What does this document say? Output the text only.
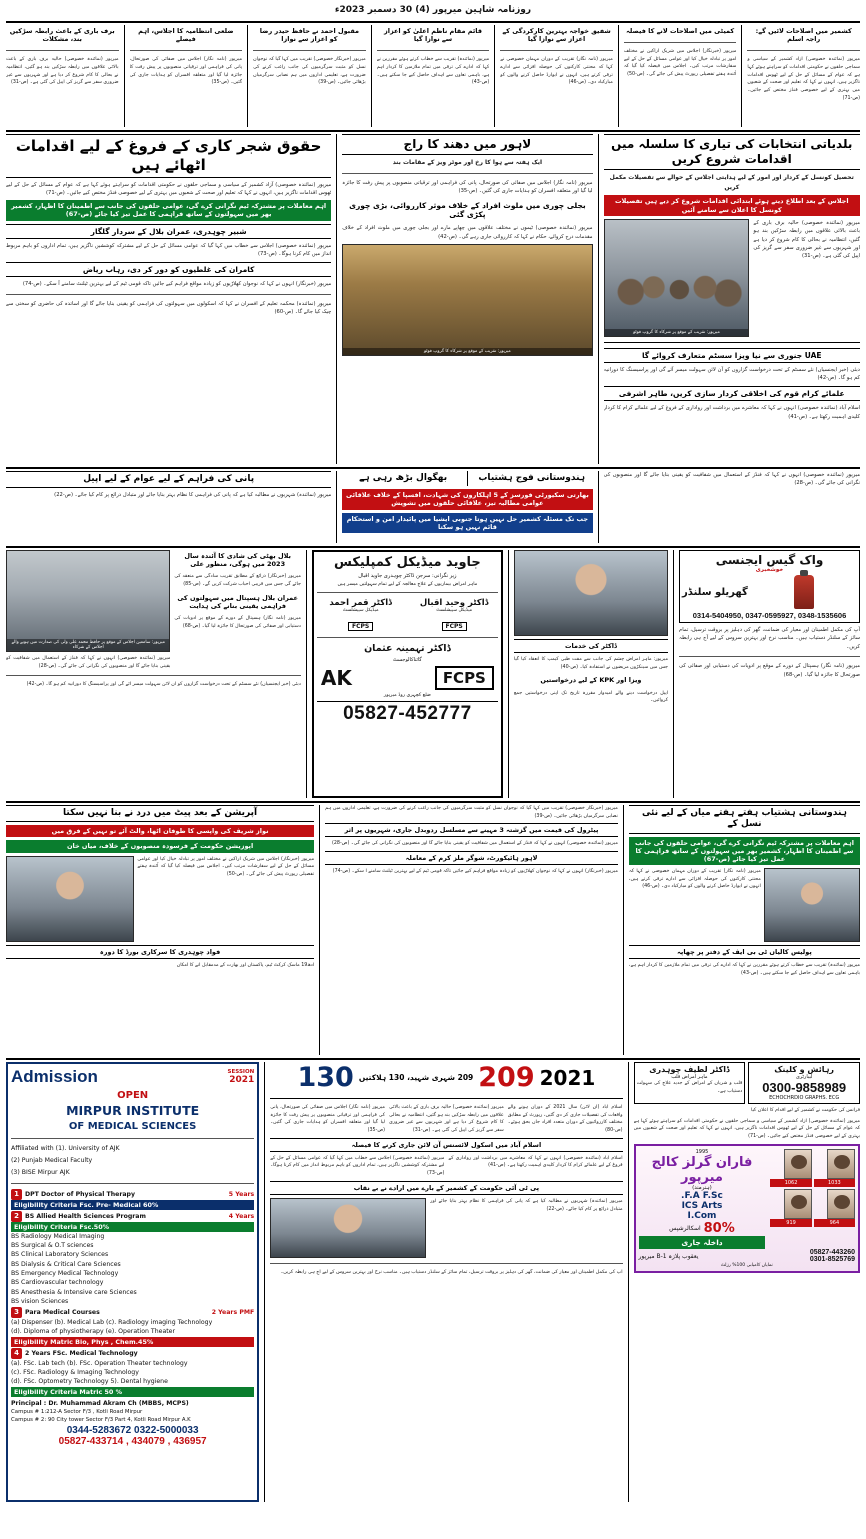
روزنامہ شاہین میرپور (4) 30 دسمبر 2023ء
کشمیر میں اصلاحات لائیں گے: راجہ اسلم
میرپور (نمائندہ خصوصی) آزاد کشمیر کے سیاسی و سماجی حلقوں نے حکومتی اقدامات کو سراہتے ہوئے کہا ہے کہ عوام کے مسائل کے حل کے لیے ٹھوس اقدامات ناگزیر ہیں، انہوں نے کہا کہ تعلیم اور صحت کے شعبوں میں بہتری کے لیے خصوصی فنڈز مختص کیے جائیں۔ (ص-71)
کمیٹی میں اصلاحات لانے کا فیصلہ
میرپور (خبرنگار) اجلاس میں شریک اراکین نے مختلف امور پر تبادلہ خیال کیا اور عوامی مسائل کے حل کے لیے سفارشات مرتب کیں۔ اجلاس میں فیصلہ کیا گیا کہ آئندہ ہفتے تفصیلی رپورٹ پیش کی جائے گی۔ (ص-50)
شفیق خواجہ بہترین کارکردگی کے اعزاز سے نوازا گیا
میرپور (نامہ نگار) تقریب کے دوران مہمان خصوصی نے کہا کہ محنتی کارکنوں کی حوصلہ افزائی سے ادارے ترقی کرتے ہیں، انہوں نے ایوارڈ حاصل کرنے والوں کو مبارکباد دی۔ (ص-46)
قائم مقام ناظم اعلیٰ کو اعزاز سے نوازا گیا
میرپور (نمائندہ) تقریب سے خطاب کرتے ہوئے مقررین نے کہا کہ ادارے کی ترقی میں تمام ملازمین کا کردار اہم ہے، باہمی تعاون سے اہداف حاصل کیے جا سکتے ہیں۔ (ص-43)
مقبول احمد نے حافظ حیدر رضا کو اعزاز سے نوازا
میرپور (خبرنگار خصوصی) تقریب میں کہا گیا کہ نوجوان نسل کو مثبت سرگرمیوں کی جانب راغب کرنے کی ضرورت ہے، تعلیمی اداروں میں ہم نصابی سرگرمیاں بڑھائی جائیں۔ (ص-39)
ضلعی انتظامیہ کا اجلاس، اہم فیصلے
میرپور (نامہ نگار) اجلاس میں صفائی کی صورتحال، پانی کی فراہمی اور ترقیاتی منصوبوں پر پیش رفت کا جائزہ لیا گیا اور متعلقہ افسران کو ہدایات جاری کی گئیں۔ (ص-35)
برف باری کے باعث رابطہ سڑکیں بند، مشکلات
میرپور (نمائندہ خصوصی) حالیہ برف باری کے باعث بالائی علاقوں میں رابطہ سڑکیں بند ہو گئیں، انتظامیہ نے بحالی کا کام شروع کر دیا ہے اور شہریوں سے غیر ضروری سفر سے گریز کی اپیل کی گئی ہے۔ (ص-31)
بلدیاتی انتخابات کی تیاری کا سلسلہ میں اقدامات شروع کریں
تحصیل کونسل کے کردار اور امور کے لیے ہدایتی اجلاس کے حوالے سے تفصیلات مکمل کریں
اجلاس کے بعد اطلاع دیتے ہوئے ابتدائی اقدامات شروع کر دیے ہیں تفصیلات کونسل کا اعلان سے سامنے آئیں
میرپور (نمائندہ خصوصی) حالیہ برف باری کے باعث بالائی علاقوں میں رابطہ سڑکیں بند ہو گئیں، انتظامیہ نے بحالی کا کام شروع کر دیا ہے اور شہریوں سے غیر ضروری سفر سے گریز کی اپیل کی گئی ہے۔ (ص-31)
میرپور: تقریب کے موقع پر شرکاء کا گروپ فوٹو
UAE جنوری سے نیا ویزا سسٹم متعارف کروائے گا
دبئی (خبر ایجنسیاں) نئے سسٹم کے تحت درخواست گزاروں کو آن لائن سہولت میسر آئے گی اور پراسیسنگ کا دورانیہ کم ہو گا۔ (ص-42)
علمائے کرام قوم کی اخلاقی کردار سازی کریں، طاہر اشرفی
اسلام آباد (نمائندہ خصوصی) انہوں نے کہا کہ معاشرے میں برداشت اور رواداری کے فروغ کے لیے علمائے کرام کا کردار کلیدی اہمیت رکھتا ہے۔ (ص-41)
لاہور میں دھند کا راج
ایک ہفتہ سے ہوا کا رخ اور موٹر ویز کے مقامات بند
میرپور (نامہ نگار) اجلاس میں صفائی کی صورتحال، پانی کی فراہمی اور ترقیاتی منصوبوں پر پیش رفت کا جائزہ لیا گیا اور متعلقہ افسران کو ہدایات جاری کی گئیں۔ (ص-35)
بجلی چوری میں ملوث افراد کے خلاف موثر کارروائی، بڑی چوری پکڑی گئی
میرپور (نمائندہ خصوصی) ٹیموں نے مختلف علاقوں میں چھاپے مارے اور بجلی چوری میں ملوث افراد کے خلاف مقدمات درج کروائے، حکام نے کہا کہ کارروائی جاری رہے گی۔ (ص-42)
میرپور: تقریب کے موقع پر شرکاء کا گروپ فوٹو
حقوق شجر کاری کے فروغ کے لیے اقدامات اٹھائے ہیں
میرپور (نمائندہ خصوصی) آزاد کشمیر کے سیاسی و سماجی حلقوں نے حکومتی اقدامات کو سراہتے ہوئے کہا ہے کہ عوام کے مسائل کے حل کے لیے ٹھوس اقدامات ناگزیر ہیں، انہوں نے کہا کہ تعلیم اور صحت کے شعبوں میں بہتری کے لیے خصوصی فنڈز مختص کیے جائیں۔ (ص-71)
اہم معاملات پر مشترکہ ٹیم نگرانی کرے گی، عوامی حلقوں کی جانب سے اطمینان کا اظہار، کشمیر بھر میں سہولتوں کے ساتھ فراہمی کا عمل تیز کیا جائے (ص-67)
شبیر چوہدری، عمران بلال کے سردار گلگار
میرپور (نمائندہ خصوصی) اجلاس سے خطاب میں کہا گیا کہ عوامی مسائل کے حل کے لیے مشترکہ کوششیں ناگزیر ہیں، تمام اداروں کو باہم مربوط انداز میں کام کرنا ہوگا۔ (ص-73)
کامران کی غلطیوں کو دور کر دی، رہاب ریاض
میرپور (خبرنگار) انہوں نے کہا کہ نوجوان کھلاڑیوں کو زیادہ مواقع فراہم کیے جائیں تاکہ قومی ٹیم کے لیے بہترین ٹیلنٹ سامنے آ سکے۔ (ص-74)
میرپور (نمائندہ) محکمہ تعلیم کے افسران نے کہا کہ اسکولوں میں سہولتوں کی فراہمی کو یقینی بنایا جائے گا اور اساتذہ کی حاضری کو سختی سے چیک کیا جائے گا۔ (ص-60)
میرپور (نمائندہ خصوصی) انہوں نے کہا کہ فنڈز کے استعمال میں شفافیت کو یقینی بنایا جائے گا اور منصوبوں کی نگرانی کی جائے گی۔ (ص-28)
ہندوستانی فوج ہشتیاب
بھگوال بڑھ رہی ہے
بھارتی سکیورٹی فورسز کے 5 اہلکاروں کی شہادت، افسپا کے خلاف علاقائی عوامی مطالبہ تیز، علاقائی حلقوں میں تشویش
جب تک مسئلہ کشمیر حل نہیں ہوتا جنوبی ایشیا میں پائیدار امن و استحکام قائم نہیں ہو سکتا
پانی کی فراہم کے لیے عوام کے لیے اپیل
میرپور (نمائندہ) شہریوں نے مطالبہ کیا ہے کہ پانی کی فراہمی کا نظام بہتر بنایا جائے اور متبادل ذرائع پر کام کیا جائے۔ (ص-22)
واک گیس ایجنسی
خوشخبری
گھریلو سلنڈر
0314-5404950, 0347-0595927, 0348-1535606
آپ کی مکمل اطمینان اور معیار کی ضمانت، گھر کی دہلیز پر بروقت ترسیل، تمام سائز کے سلنڈر دستیاب ہیں۔ مناسب نرخ اور بہترین سروس کے لیے آج ہی رابطہ کریں۔
میرپور (نامہ نگار) ہسپتال کے دورے کے موقع پر ادویات کی دستیابی اور صفائی کی صورتحال کا جائزہ لیا گیا۔ (ص-68)
ڈاکٹر کی خدمات
میرپور: ماہر امراض چشم کی جانب سے مفت طبی کیمپ کا انعقاد کیا گیا جس میں سینکڑوں مریضوں نے استفادہ کیا۔ (ص-40)
ویزا اور KPK کے لیے درخواستیں
اپیل درخواست دینے والے امیدوار مقررہ تاریخ تک اپنی درخواستیں جمع کروائیں۔
جاوید میڈیکل کمپلیکس
زیر نگرانی: سرجن ڈاکٹر چوہدری جاوید اقبال
ماہر امراض بیماریوں کے علاج معالجہ کے لیے تمام سہولتیں میسر ہیں
ڈاکٹر وحید اقبال
میڈیکل سپیشلسٹ
FCPS
ڈاکٹر قمر احمد
میڈیکل سپیشلسٹ
FCPS
ڈاکٹر تہمینہ عثمان
گائناکالوجسٹ
FCPS
AK
ضلع کچہری روڈ میرپور
05827-452777
بلال بھٹی کی شادی کا آئندہ سال 2023 میں ہوگی، منظور علی
میرپور (خبرنگار) ذرائع کے مطابق تقریب سادگی سے منعقد کی جائے گی جس میں قریبی احباب شرکت کریں گے۔ (ص-85)
عمران بلال ہسپتال میں سہولتوں کی فراہمی یقینی بنانے کی ہدایت
میرپور (نامہ نگار) ہسپتال کے دورے کے موقع پر ادویات کی دستیابی اور صفائی کی صورتحال کا جائزہ لیا گیا۔ (ص-68)
میرپور: سامعین اجلاس کے موقع پر حافظ محمد علی ولی کی صدارت میں ہونے والے اجلاس کے شرکاء
میرپور (نمائندہ خصوصی) انہوں نے کہا کہ فنڈز کے استعمال میں شفافیت کو یقینی بنایا جائے گا اور منصوبوں کی نگرانی کی جائے گی۔ (ص-28)
دبئی (خبر ایجنسیاں) نئے سسٹم کے تحت درخواست گزاروں کو آن لائن سہولت میسر آئے گی اور پراسیسنگ کا دورانیہ کم ہو گا۔ (ص-42)
ہندوستانی ہشتیاب ہفتے ہفتے میاں کے لیے نئی نسل کے
اہم معاملات پر مشترکہ ٹیم نگرانی کرے گی، عوامی حلقوں کی جانب سے اطمینان کا اظہار، کشمیر بھر میں سہولتوں کے ساتھ فراہمی کا عمل تیز کیا جائے (ص-67)
میرپور (نامہ نگار) تقریب کے دوران مہمان خصوصی نے کہا کہ محنتی کارکنوں کی حوصلہ افزائی سے ادارے ترقی کرتے ہیں، انہوں نے ایوارڈ حاصل کرنے والوں کو مبارکباد دی۔ (ص-46)
پولیس کالیاں ٹی بی ایف کے دفتر پر چھاپہ
میرپور (نمائندہ) تقریب سے خطاب کرتے ہوئے مقررین نے کہا کہ ادارے کی ترقی میں تمام ملازمین کا کردار اہم ہے، باہمی تعاون سے اہداف حاصل کیے جا سکتے ہیں۔ (ص-43)
میرپور (خبرنگار خصوصی) تقریب میں کہا گیا کہ نوجوان نسل کو مثبت سرگرمیوں کی جانب راغب کرنے کی ضرورت ہے، تعلیمی اداروں میں ہم نصابی سرگرمیاں بڑھائی جائیں۔ (ص-39)
پیٹرول کی قیمت میں گزشتہ 3 مہینے سے مسلسل ردوبدل جاری، شہریوں پر اثر
میرپور (نمائندہ خصوصی) انہوں نے کہا کہ فنڈز کے استعمال میں شفافیت کو یقینی بنایا جائے گا اور منصوبوں کی نگرانی کی جائے گی۔ (ص-28)
لاہور ہائیکورٹ، شوگر ملز کرم کے معاملہ
میرپور (خبرنگار) انہوں نے کہا کہ نوجوان کھلاڑیوں کو زیادہ مواقع فراہم کیے جائیں تاکہ قومی ٹیم کے لیے بہترین ٹیلنٹ سامنے آ سکے۔ (ص-74)
آپریشن کے بعد پیٹ میں درد نے بنا نہیں سکتا
نواز شریف کی واپسی کا طوفان اٹھا، والٹ آئے تو نہیں کے فرق میں
اپوزیشن حکومت کے فرسودہ منصوبوں کے خلاف، میاں خان
میرپور (خبرنگار) اجلاس میں شریک اراکین نے مختلف امور پر تبادلہ خیال کیا اور عوامی مسائل کے حل کے لیے سفارشات مرتب کیں۔ اجلاس میں فیصلہ کیا گیا کہ آئندہ ہفتے تفصیلی رپورٹ پیش کی جائے گی۔ (ص-50)
فواد چوہدری کا سرکاری بورڈ کا دورہ
آدھ19 ماسک کرکٹ ٹیم، پاکستان اور بھارت کے مدمقابل آنے کا امکان
رہائش و کلینک
لیبارٹری
0300-9858989
ECHOCHRDIO GRAPHS. ECG
ڈاکٹر لطیف چوہدری
ماہر امراض قلب
قلب و شریان کے امراض کے جدید علاج کی سہولت دستیاب ہے۔
فرانس کی حکومت نے کشمیر کے لیے اقدام کا اعلان کیا
میرپور (نمائندہ خصوصی) آزاد کشمیر کے سیاسی و سماجی حلقوں نے حکومتی اقدامات کو سراہتے ہوئے کہا ہے کہ عوام کے مسائل کے حل کے لیے ٹھوس اقدامات ناگزیر ہیں، انہوں نے کہا کہ تعلیم اور صحت کے شعبوں میں بہتری کے لیے خصوصی فنڈز مختص کیے جائیں۔ (ص-71)
1033
1062
964
919
1995
فاران گرلز کالج میرپور
(ہنرمند)
F.A F.Sc.
ICS Arts
I.Com
80%
اسکالرشپس
داخلہ جاری
05827-443260
0301-8525769
یعقوب پلازہ B-1 میرپور
نمایاں کامیابی 100% رزلٹ
2021
209
209 شہری شہید، 130 ہلاکتیں
130
اسلام آباد (آن لائن) سال 2021 کے دوران ہونے والے واقعات کی تفصیلات جاری کر دی گئیں، رپورٹ کے مطابق مختلف کارروائیوں کے دوران متعدد افراد جاں بحق ہوئے۔ (ص-80)
میرپور (نمائندہ خصوصی) حالیہ برف باری کے باعث بالائی علاقوں میں رابطہ سڑکیں بند ہو گئیں، انتظامیہ نے بحالی کا کام شروع کر دیا ہے اور شہریوں سے غیر ضروری سفر سے گریز کی اپیل کی گئی ہے۔ (ص-31)
میرپور (نامہ نگار) اجلاس میں صفائی کی صورتحال، پانی کی فراہمی اور ترقیاتی منصوبوں پر پیش رفت کا جائزہ لیا گیا اور متعلقہ افسران کو ہدایات جاری کی گئیں۔ (ص-35)
اسلام آباد میں اسکول لائسنس آن لائن جاری کرنے کا فیصلہ
اسلام آباد (نمائندہ خصوصی) انہوں نے کہا کہ معاشرے میں برداشت اور رواداری کے فروغ کے لیے علمائے کرام کا کردار کلیدی اہمیت رکھتا ہے۔ (ص-41)
میرپور (نمائندہ خصوصی) اجلاس سے خطاب میں کہا گیا کہ عوامی مسائل کے حل کے لیے مشترکہ کوششیں ناگزیر ہیں، تمام اداروں کو باہم مربوط انداز میں کام کرنا ہوگا۔ (ص-73)
پی ٹی آئی حکومت کے کشمیر کے بارے میں ارادے نے بے نقاب
میرپور (نمائندہ) شہریوں نے مطالبہ کیا ہے کہ پانی کی فراہمی کا نظام بہتر بنایا جائے اور متبادل ذرائع پر کام کیا جائے۔ (ص-22)
آپ کی مکمل اطمینان اور معیار کی ضمانت، گھر کی دہلیز پر بروقت ترسیل، تمام سائز کے سلنڈر دستیاب ہیں۔ مناسب نرخ اور بہترین سروس کے لیے آج ہی رابطہ کریں۔
Admission	SESSION
2021
OPEN
MIRPUR INSTITUTE
OF MEDICAL SCIENCES
Affiliated with (1). University of AJK
(2) Punjab Medical Faculty
(3) BISE Mirpur AJK
1 DPT Doctor of Physical Therapy	5 Years
Eligibility Criteria Fsc. Pre- Medical 60%
2 BS Allied Health Sciences Program	4 Years
Eligibility Criteria Fsc.50%
BS Radiology Medical Imaging
BS Surgical & O.T sciences
BS Clinical Laboratory Sciences
BS Dialysis & Critical Care Sciences
BS Emergency Medical Technology
BS Cardiovascular technology
BS Anesthesia & Intensive care Sciences
BS vision Sciences
3 Para Medical Courses	2 Years PMF
(a) Dispenser (b). Medical Lab (c). Radiology imaging Technology
(d). Diploma of physiotherapy (e). Operation Theater
Eligibility Matric Bio, Phys , Chem.45%
4 2 Years FSc. Medical Technology
(a). FSc. Lab tech (b). FSc. Operation Theater technology
(c). FSc. Radiology & Imaging Technology
(d). FSc. Optometry Technology 5). Dental hygiene
Eligibility Criteria Matric 50 %
Principal : Dr. Muhammad Akram Ch (MBBS, MCPS)
Campus # 1:212-A Sector F/3 , Kotli Road Mirpur
Campus # 2: 90 City tower Sector F/3 Part 4, Kotli Road Mirpur A.K
0344-5283672 0322-5000033
05827-433714 , 434079 , 436957
